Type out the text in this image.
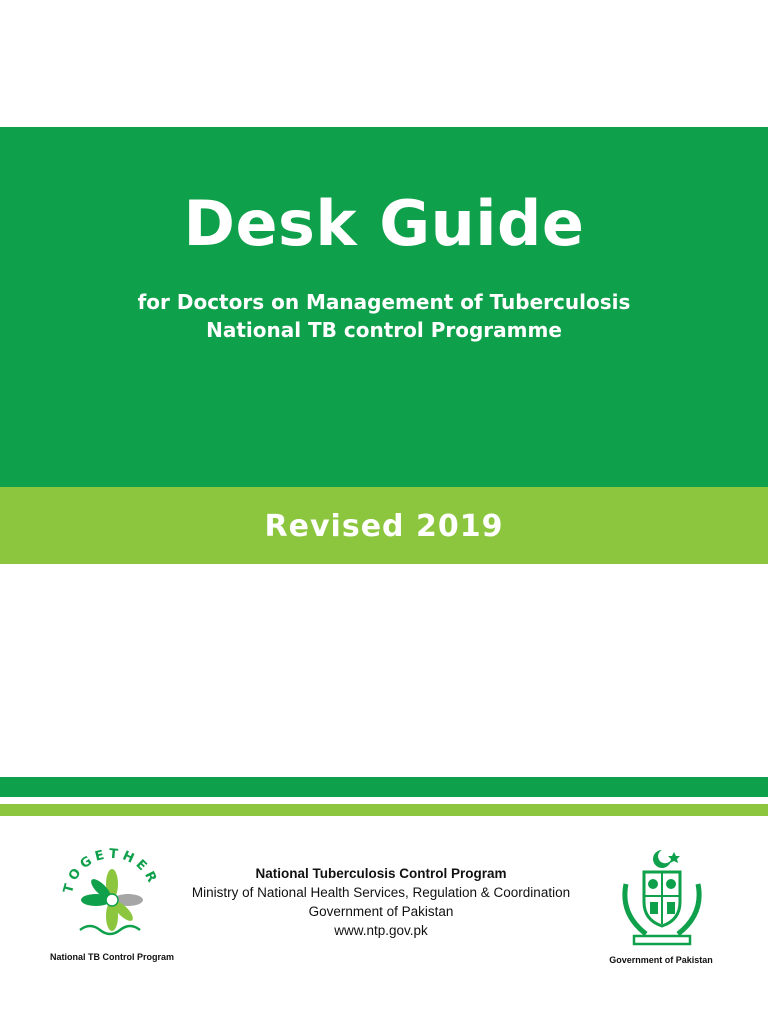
Desk Guide
for Doctors on Management of Tuberculosis
National TB control Programme
Revised 2019
TOGETHER
National TB Control Program
National Tuberculosis Control Program
Ministry of National Health Services, Regulation & Coordination
Government of Pakistan
www.ntp.gov.pk
Government of Pakistan
